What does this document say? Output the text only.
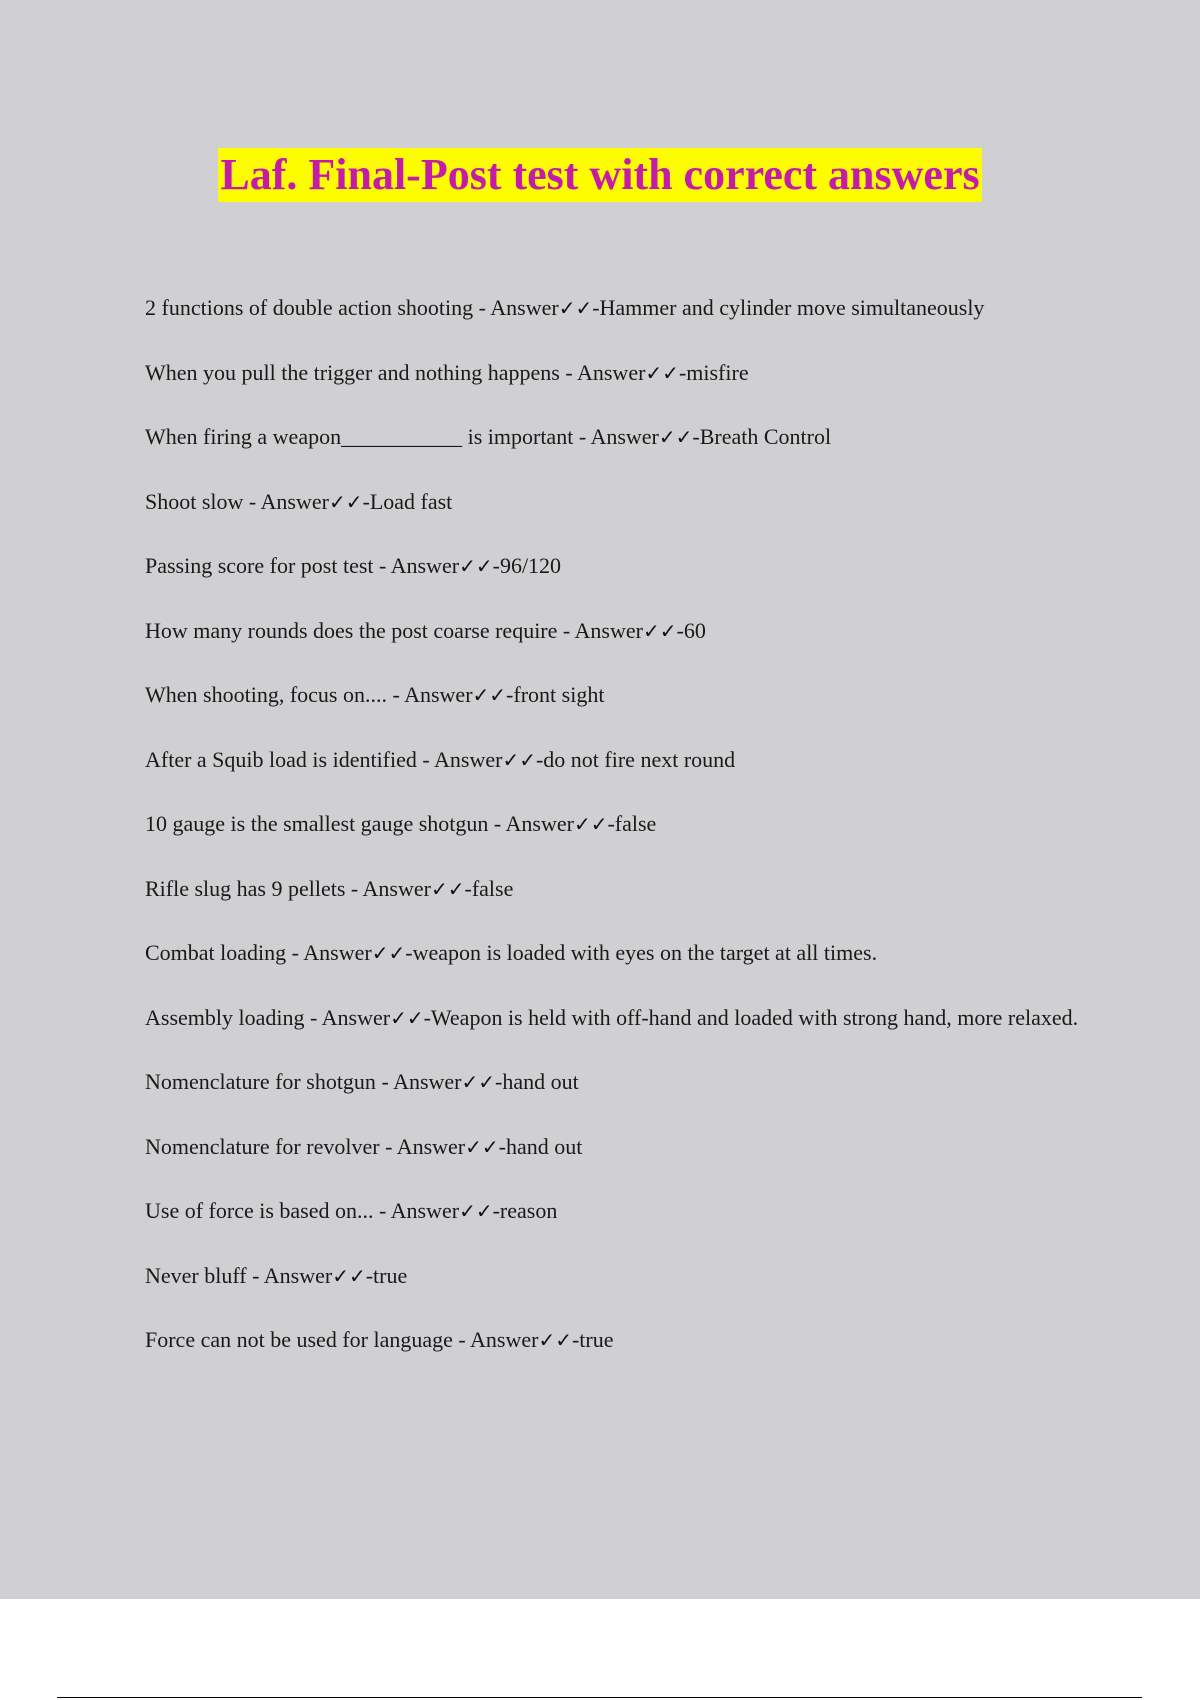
Laf. Final-Post test with correct answers
2 functions of double action shooting - Answer✓✓-Hammer and cylinder move simultaneously
When you pull the trigger and nothing happens - Answer✓✓-misfire
When firing a weapon___________ is important - Answer✓✓-Breath Control
Shoot slow - Answer✓✓-Load fast
Passing score for post test - Answer✓✓-96/120
How many rounds does the post coarse require - Answer✓✓-60
When shooting, focus on.... - Answer✓✓-front sight
After a Squib load is identified - Answer✓✓-do not fire next round
10 gauge is the smallest gauge shotgun - Answer✓✓-false
Rifle slug has 9 pellets - Answer✓✓-false
Combat loading - Answer✓✓-weapon is loaded with eyes on the target at all times.
Assembly loading - Answer✓✓-Weapon is held with off-hand and loaded with strong hand, more relaxed.
Nomenclature for shotgun - Answer✓✓-hand out
Nomenclature for revolver - Answer✓✓-hand out
Use of force is based on... - Answer✓✓-reason
Never bluff - Answer✓✓-true
Force can not be used for language - Answer✓✓-true
